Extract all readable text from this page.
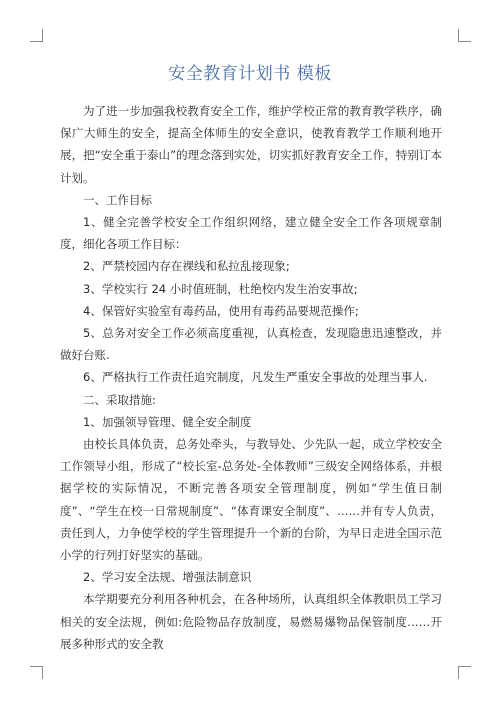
安全教育计划书 模板

为了进一步加强我校教育安全工作，维护学校正常的教育教学秩序，确保广大师生的安全，提高全体师生的安全意识，使教育教学工作顺利地开展，把“安全重于泰山”的理念落到实处，切实抓好教育安全工作，特别订本计划。

一、工作目标

1、健全完善学校安全工作组织网络，建立健全安全工作各项规章制度，细化各项工作目标：

2、严禁校园内存在裸线和私拉乱接现象;

3、学校实行 24 小时值班制，杜绝校内发生治安事故;

4、保管好实验室有毒药品，使用有毒药品要规范操作;

5、总务对安全工作必须高度重视，认真检查，发现隐患迅速整改，并做好台账.

6、严格执行工作责任追究制度，凡发生严重安全事故的处理当事人.

二、采取措施:

1、加强领导管理、健全安全制度

由校长具体负责，总务处牵头，与教导处、少先队一起，成立学校安全工作领导小组，形成了“校长室-总务处-全体教师”三级安全网络体系，并根据学校的实际情况，不断完善各项安全管理制度，例如“学生值日制度”、“学生在校一日常规制度”、“体育课安全制度”、……并有专人负责，责任到人，力争使学校的学生管理提升一个新的台阶，为早日走进全国示范小学的行列打好坚实的基础。

2、学习安全法规、增强法制意识

本学期要充分利用各种机会，在各种场所，认真组织全体教职员工学习相关的安全法规，例如:危险物品存放制度，易燃易爆物品保管制度……开展多种形式的安全教
